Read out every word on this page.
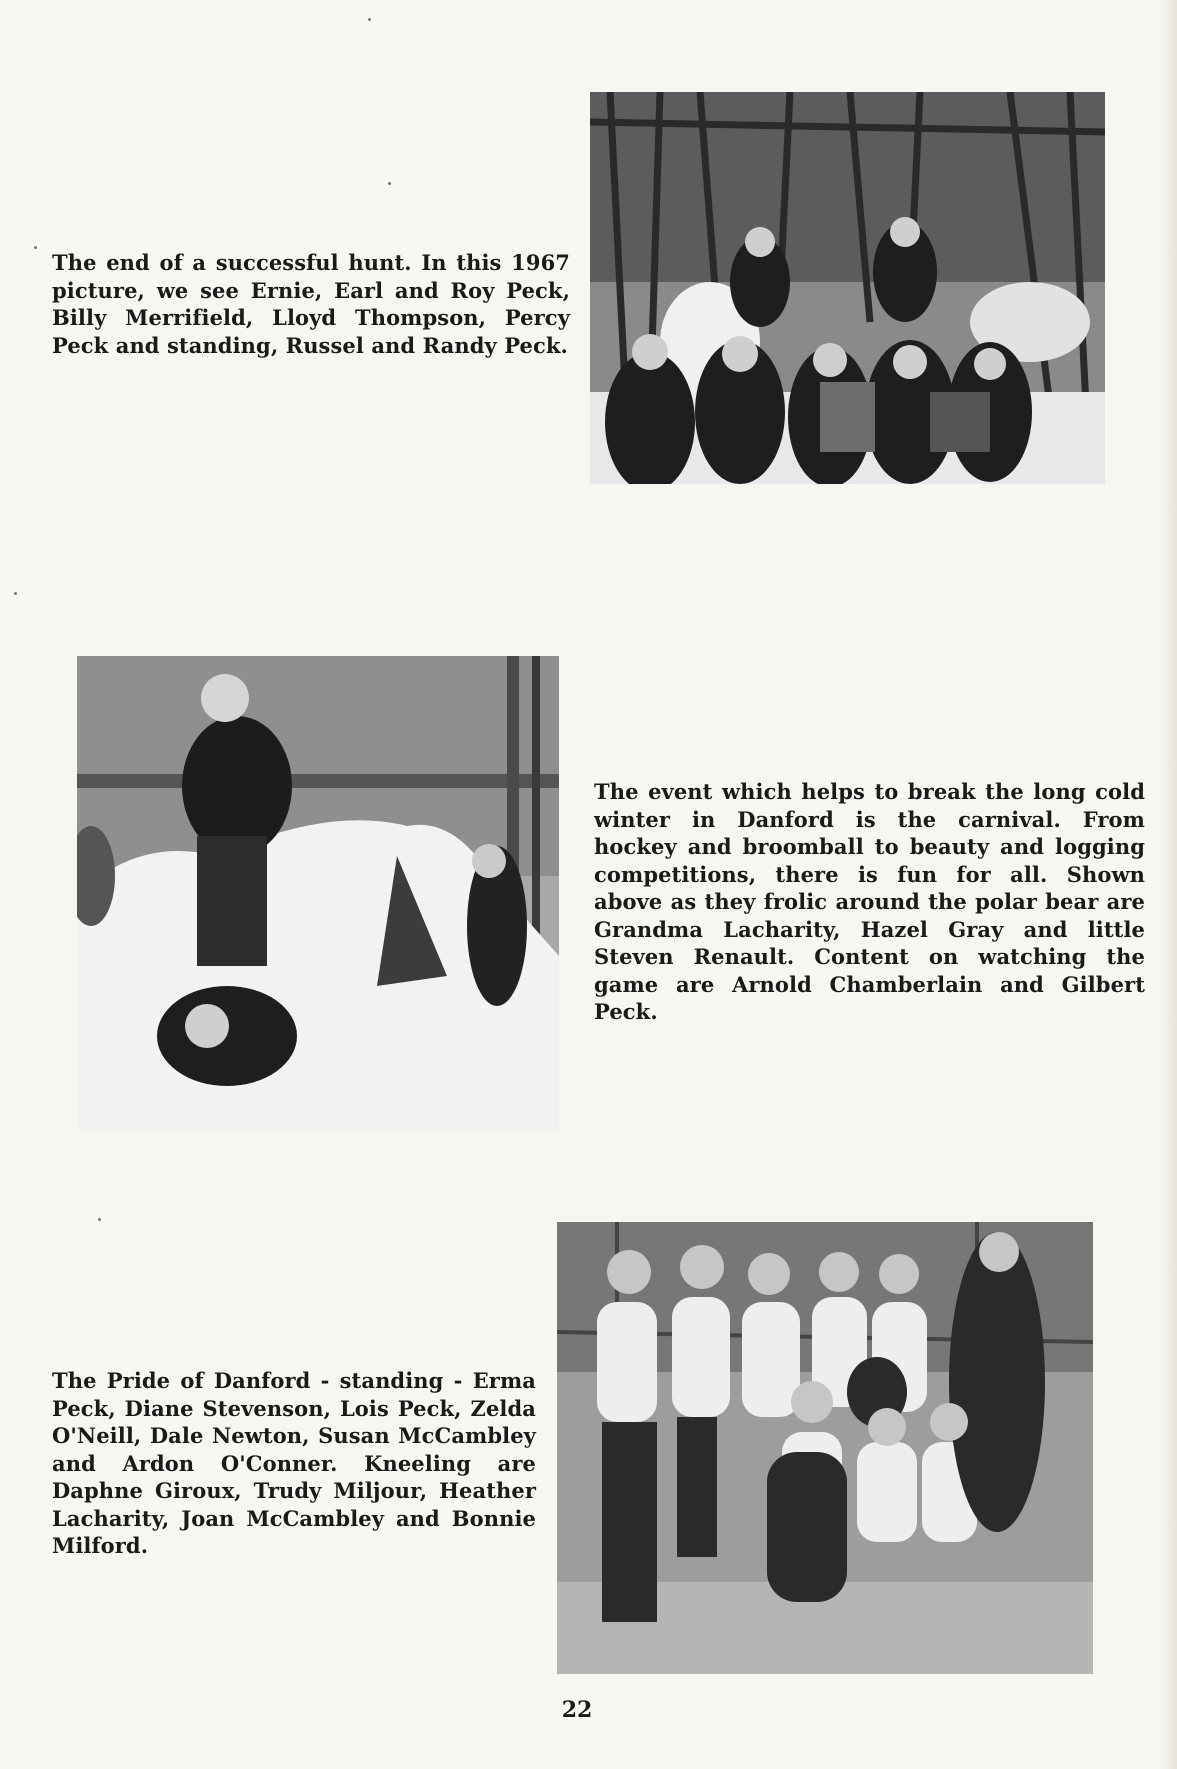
The end of a successful hunt. In this 1967 picture, we see Ernie, Earl and Roy Peck, Billy Merrifield, Lloyd Thompson, Percy Peck and standing, Russel and Randy Peck.
The event which helps to break the long cold winter in Danford is the carnival. From hockey and broomball to beauty and logging competitions, there is fun for all. Shown above as they frolic around the polar bear are Grandma Lacharity, Hazel Gray and little Steven Renault. Content on watching the game are Arnold Chamberlain and Gilbert Peck.
The Pride of Danford - standing - Erma Peck, Diane Stevenson, Lois Peck, Zelda O'Neill, Dale Newton, Susan McCambley and Ardon O'Conner. Kneeling are Daphne Giroux, Trudy Miljour, Heather Lacharity, Joan McCambley and Bonnie Milford.
22
